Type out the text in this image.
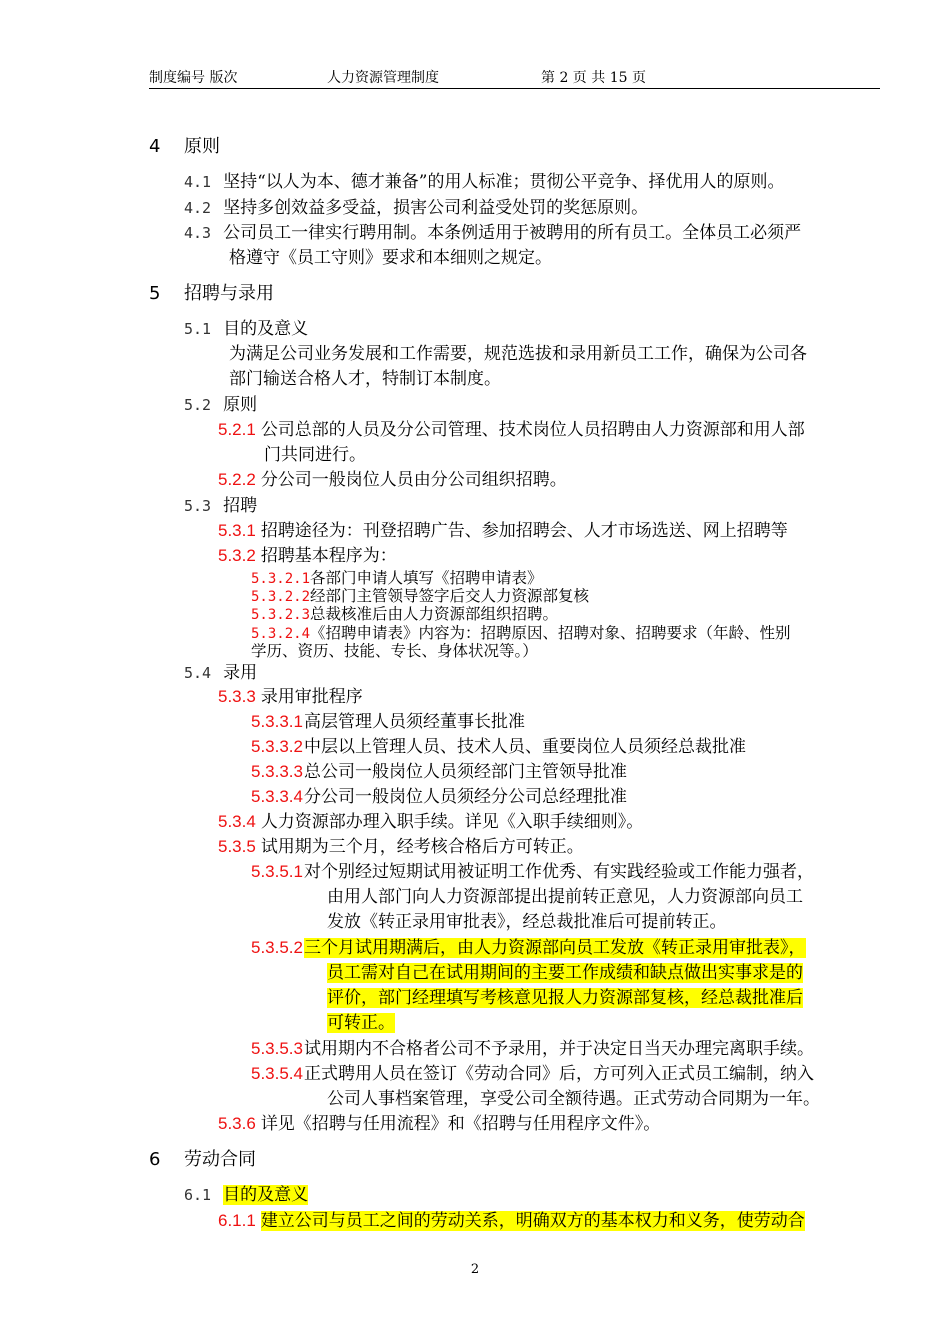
制度编号 版次	人力资源管理制度	第 2 页 共 15 页
4 原则
4.1 坚持“以人为本、德才兼备”的用人标准；贯彻公平竞争、择优用人的原则。
4.2 坚持多创效益多受益，损害公司利益受处罚的奖惩原则。
4.3 公司员工一律实行聘用制。本条例适用于被聘用的所有员工。全体员工必须严
格遵守《员工守则》要求和本细则之规定。
5 招聘与录用
5.1 目的及意义
为满足公司业务发展和工作需要，规范选拔和录用新员工工作，确保为公司各
部门输送合格人才，特制订本制度。
5.2 原则
5.2.1 公司总部的人员及分公司管理、技术岗位人员招聘由人力资源部和用人部
门共同进行。
5.2.2 分公司一般岗位人员由分公司组织招聘。
5.3 招聘
5.3.1 招聘途径为：刊登招聘广告、参加招聘会、人才市场选送、网上招聘等
5.3.2 招聘基本程序为：
5.3.2.1各部门申请人填写《招聘申请表》
5.3.2.2经部门主管领导签字后交人力资源部复核
5.3.2.3总裁核准后由人力资源部组织招聘。
5.3.2.4《招聘申请表》内容为：招聘原因、招聘对象、招聘要求（年龄、性别
学历、资历、技能、专长、身体状况等。）
5.4 录用
5.3.3 录用审批程序
5.3.3.1高层管理人员须经董事长批准
5.3.3.2中层以上管理人员、技术人员、重要岗位人员须经总裁批准
5.3.3.3总公司一般岗位人员须经部门主管领导批准
5.3.3.4分公司一般岗位人员须经分公司总经理批准
5.3.4 人力资源部办理入职手续。详见《入职手续细则》。
5.3.5 试用期为三个月，经考核合格后方可转正。
5.3.5.1对个别经过短期试用被证明工作优秀、有实践经验或工作能力强者，
由用人部门向人力资源部提出提前转正意见，人力资源部向员工
发放《转正录用审批表》，经总裁批准后可提前转正。
5.3.5.2三个月试用期满后，由人力资源部向员工发放《转正录用审批表》，
员工需对自己在试用期间的主要工作成绩和缺点做出实事求是的
评价，部门经理填写考核意见报人力资源部复核，经总裁批准后
可转正。
5.3.5.3试用期内不合格者公司不予录用，并于决定日当天办理完离职手续。
5.3.5.4正式聘用人员在签订《劳动合同》后，方可列入正式员工编制，纳入
公司人事档案管理，享受公司全额待遇。正式劳动合同期为一年。
5.3.6 详见《招聘与任用流程》和《招聘与任用程序文件》。
6 劳动合同
6.1 目的及意义
6.1.1 建立公司与员工之间的劳动关系，明确双方的基本权力和义务，使劳动合
2
